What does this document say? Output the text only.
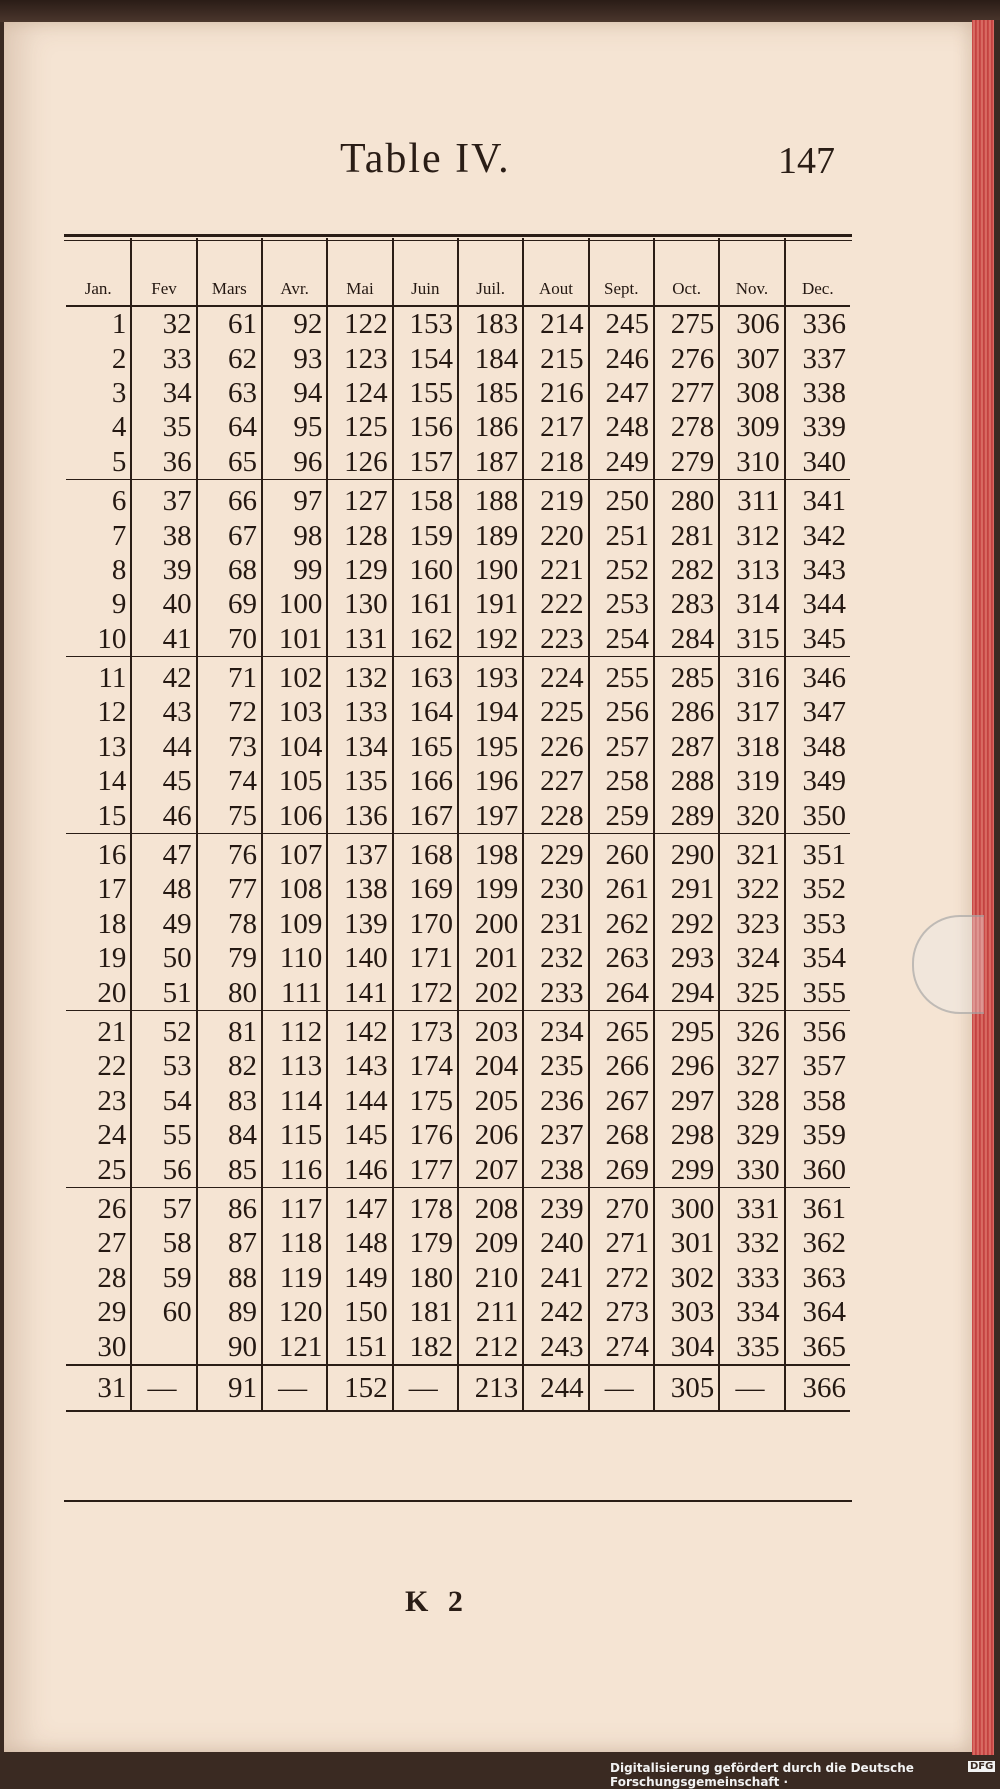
Table IV.	147
Jan.	Fev	Mars	Avr.	Mai	Juin	Juil.	Aout	Sept.	Oct.	Nov.	Dec.
1	32	61	92	122	153	183	214	245	275	306	336
2	33	62	93	123	154	184	215	246	276	307	337
3	34	63	94	124	155	185	216	247	277	308	338
4	35	64	95	125	156	186	217	248	278	309	339
5	36	65	96	126	157	187	218	249	279	310	340
6	37	66	97	127	158	188	219	250	280	311	341
7	38	67	98	128	159	189	220	251	281	312	342
8	39	68	99	129	160	190	221	252	282	313	343
9	40	69	100	130	161	191	222	253	283	314	344
10	41	70	101	131	162	192	223	254	284	315	345
11	42	71	102	132	163	193	224	255	285	316	346
12	43	72	103	133	164	194	225	256	286	317	347
13	44	73	104	134	165	195	226	257	287	318	348
14	45	74	105	135	166	196	227	258	288	319	349
15	46	75	106	136	167	197	228	259	289	320	350
16	47	76	107	137	168	198	229	260	290	321	351
17	48	77	108	138	169	199	230	261	291	322	352
18	49	78	109	139	170	200	231	262	292	323	353
19	50	79	110	140	171	201	232	263	293	324	354
20	51	80	111	141	172	202	233	264	294	325	355
21	52	81	112	142	173	203	234	265	295	326	356
22	53	82	113	143	174	204	235	266	296	327	357
23	54	83	114	144	175	205	236	267	297	328	358
24	55	84	115	145	176	206	237	268	298	329	359
25	56	85	116	146	177	207	238	269	299	330	360
26	57	86	117	147	178	208	239	270	300	331	361
27	58	87	118	148	179	209	240	271	301	332	362
28	59	88	119	149	180	210	241	272	302	333	363
29	60	89	120	150	181	211	242	273	303	334	364
30		90	121	151	182	212	243	274	304	335	365
31	—	91	—	152	—	213	244	—	305	—	366
K 2
Digitalisierung gefördert durch die Deutsche Forschungsgemeinschaft ·
DFG
